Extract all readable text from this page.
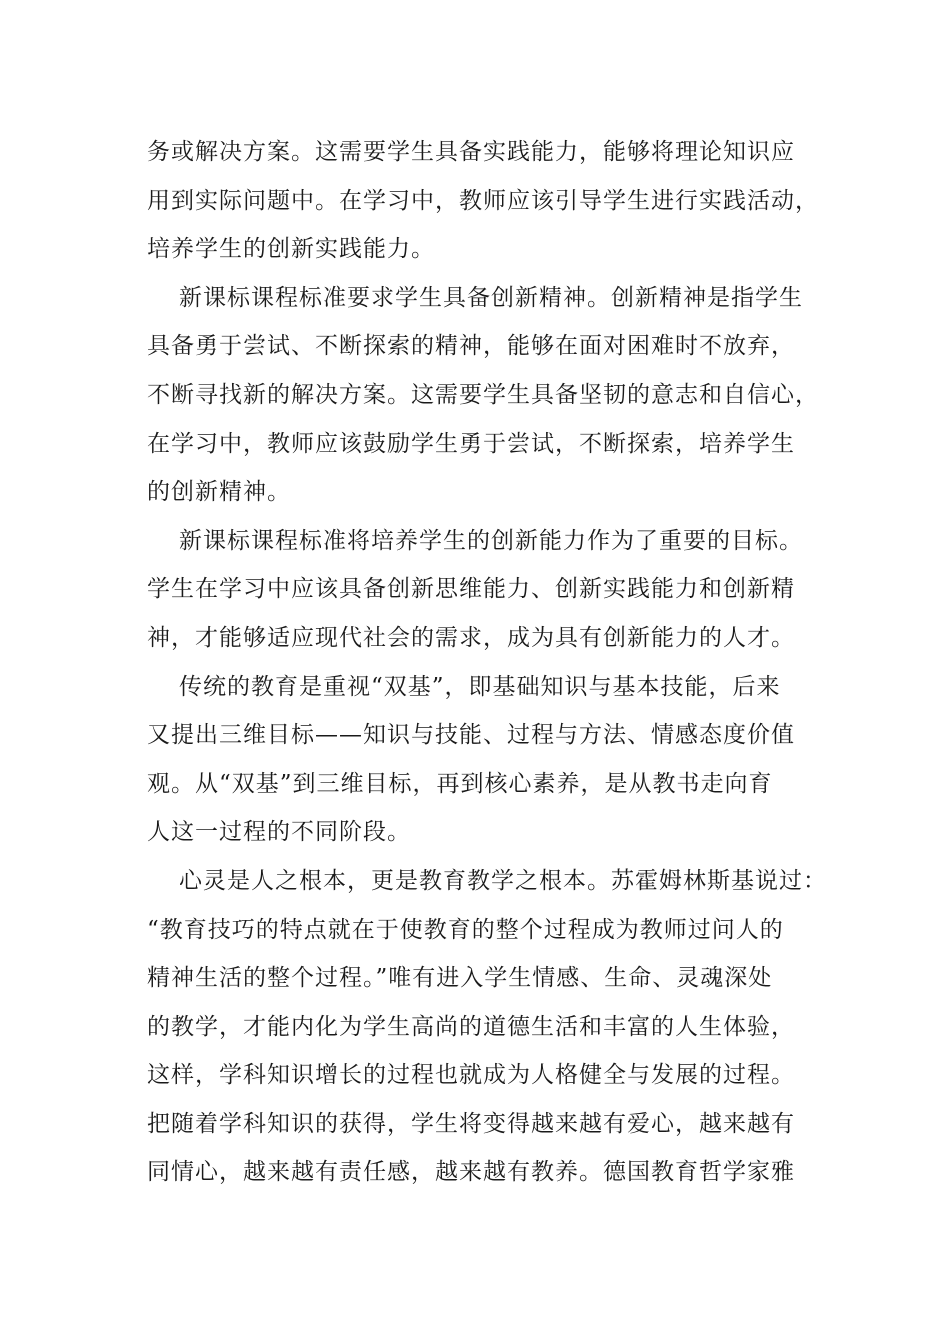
务或解决方案。这需要学生具备实践能力，能够将理论知识应
用到实际问题中。在学习中，教师应该引导学生进行实践活动，
培养学生的创新实践能力。
新课标课程标准要求学生具备创新精神。创新精神是指学生
具备勇于尝试、不断探索的精神，能够在面对困难时不放弃，
不断寻找新的解决方案。这需要学生具备坚韧的意志和自信心，
在学习中，教师应该鼓励学生勇于尝试，不断探索，培养学生
的创新精神。
新课标课程标准将培养学生的创新能力作为了重要的目标。
学生在学习中应该具备创新思维能力、创新实践能力和创新精
神，才能够适应现代社会的需求，成为具有创新能力的人才。
传统的教育是重视“双基”，即基础知识与基本技能，后来
又提出三维目标——知识与技能、过程与方法、情感态度价值
观。从“双基”到三维目标，再到核心素养，是从教书走向育
人这一过程的不同阶段。
心灵是人之根本，更是教育教学之根本。苏霍姆林斯基说过：
“教育技巧的特点就在于使教育的整个过程成为教师过问人的
精神生活的整个过程。”唯有进入学生情感、生命、灵魂深处
的教学，才能内化为学生高尚的道德生活和丰富的人生体验，
这样，学科知识增长的过程也就成为人格健全与发展的过程。
把随着学科知识的获得，学生将变得越来越有爱心，越来越有
同情心，越来越有责任感，越来越有教养。德国教育哲学家雅
